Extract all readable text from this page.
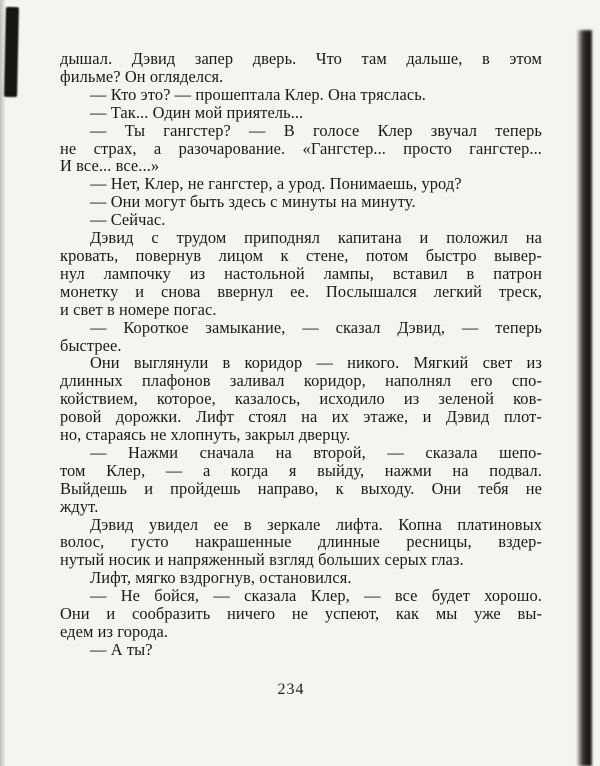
дышал. Дэвид запер дверь. Что там дальше, в этом
фильме? Он огляделся.
— Кто это? — прошептала Клер. Она тряслась.
— Так... Один мой приятель...
— Ты гангстер? — В голосе Клер звучал теперь
не страх, а разочарование. «Гангстер... просто гангстер...
И все... все...»
— Нет, Клер, не гангстер, а урод. Понимаешь, урод?
— Они могут быть здесь с минуты на минуту.
— Сейчас.
Дэвид с трудом приподнял капитана и положил на
кровать, повернув лицом к стене, потом быстро вывер-
нул лампочку из настольной лампы, вставил в патрон
монетку и снова ввернул ее. Послышался легкий треск,
и свет в номере погас.
— Короткое замыкание, — сказал Дэвид, — теперь
быстрее.
Они выглянули в коридор — никого. Мягкий свет из
длинных плафонов заливал коридор, наполнял его спо-
койствием, которое, казалось, исходило из зеленой ков-
ровой дорожки. Лифт стоял на их этаже, и Дэвид плот-
но, стараясь не хлопнуть, закрыл дверцу.
— Нажми сначала на второй, — сказала шепо-
том Клер, — а когда я выйду, нажми на подвал.
Выйдешь и пройдешь направо, к выходу. Они тебя не
ждут.
Дэвид увидел ее в зеркале лифта. Копна платиновых
волос, густо накрашенные длинные ресницы, вздер-
нутый носик и напряженный взгляд больших серых глаз.
Лифт, мягко вздрогнув, остановился.
— Не бойся, — сказала Клер, — все будет хорошо.
Они и сообразить ничего не успеют, как мы уже вы-
едем из города.
— А ты?
234
